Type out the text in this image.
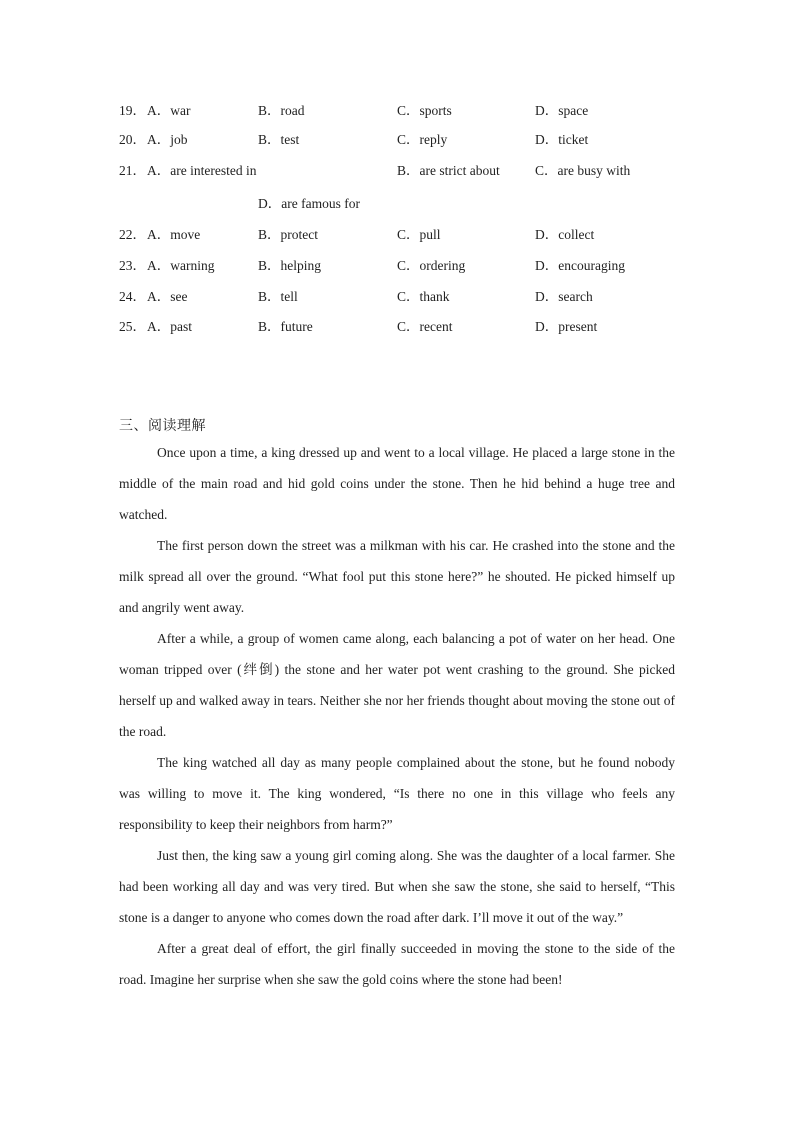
19． A．war	B．road	C．sports	D．space
20． A．job	B．test	C．reply	D．ticket
21． A．are interested in	B．are strict about	C．are busy with
D．are famous for
22． A．move	B．protect	C．pull	D．collect
23． A．warning	B．helping	C．ordering	D．encouraging
24． A．see	B．tell	C．thank	D．search
25． A．past	B．future	C．recent	D．present
三、阅读理解

Once upon a time, a king dressed up and went to a local village. He placed a large stone in the middle of the main road and hid gold coins under the stone. Then he hid behind a huge tree and watched.

The first person down the street was a milkman with his car. He crashed into the stone and the milk spread all over the ground. “What fool put this stone here?” he shouted. He picked himself up and angrily went away.

After a while, a group of women came along, each balancing a pot of water on her head. One woman tripped over (绊倒) the stone and her water pot went crashing to the ground. She picked herself up and walked away in tears. Neither she nor her friends thought about moving the stone out of the road.

The king watched all day as many people complained about the stone, but he found nobody was willing to move it. The king wondered, “Is there no one in this village who feels any responsibility to keep their neighbors from harm?”

Just then, the king saw a young girl coming along. She was the daughter of a local farmer. She had been working all day and was very tired. But when she saw the stone, she said to herself, “This stone is a danger to anyone who comes down the road after dark. I’ll move it out of the way.”

After a great deal of effort, the girl finally succeeded in moving the stone to the side of the road. Imagine her surprise when she saw the gold coins where the stone had been!
